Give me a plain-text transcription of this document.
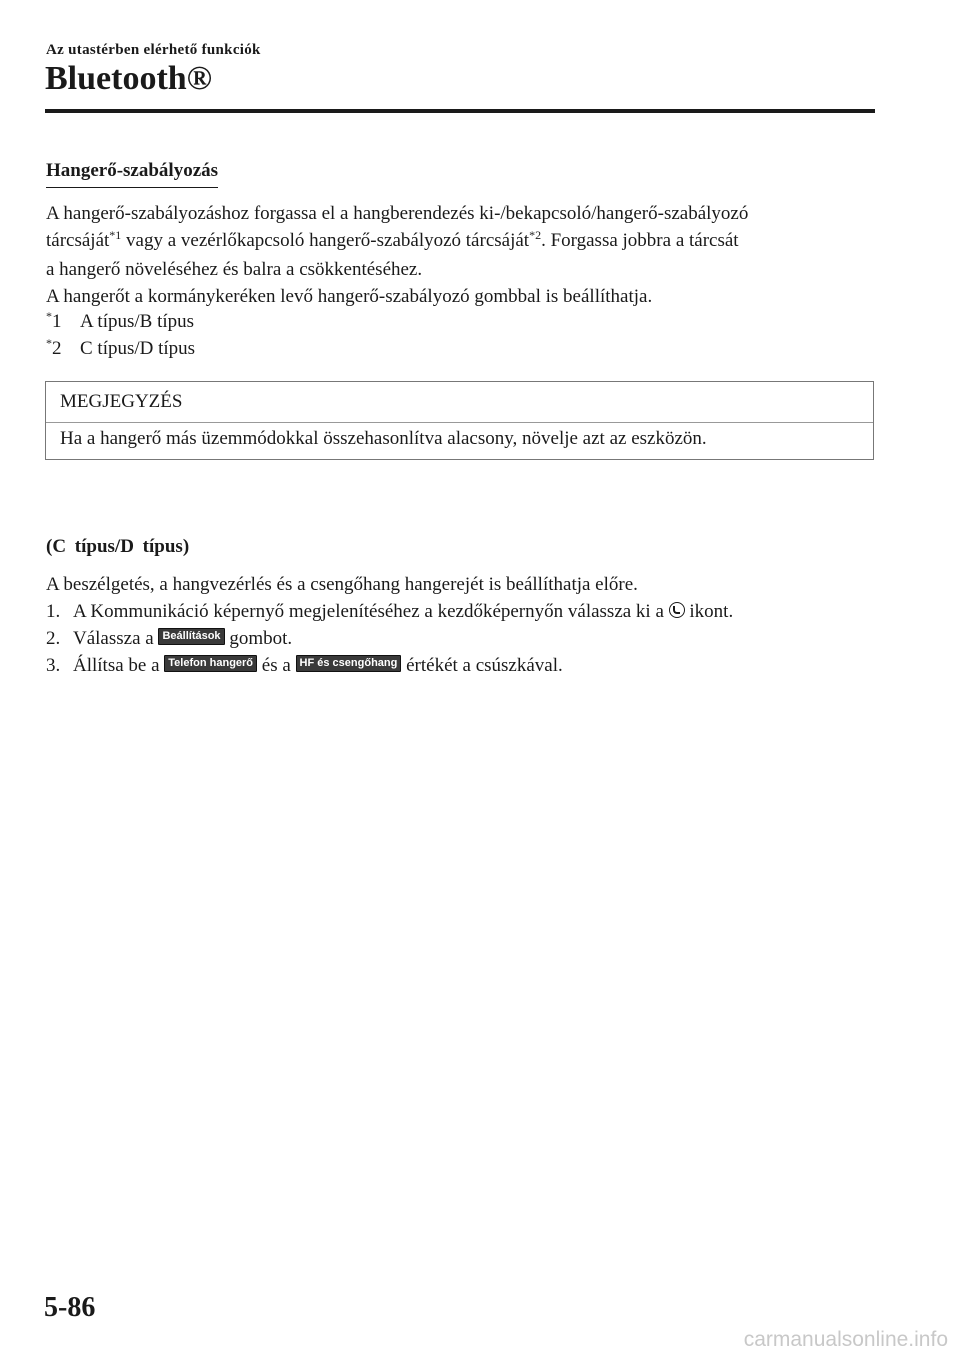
Az utastérben elérhető funkciók
Bluetooth®
Hangerő-szabályozás
A hangerő-szabályozáshoz forgassa el a hangberendezés ki-/bekapcsoló/hangerő-szabályozó
tárcsáját$^{*1}$ vagy a vezérlőkapcsoló hangerő-szabályozó tárcsáját$^{*2}$. Forgassa jobbra a tárcsát
a hangerő növeléséhez és balra a csökkentéséhez.
A hangerőt a kormánykeréken levő hangerő-szabályozó gombbal is beállíthatja.
*1 A típus/B típus
*2 C típus/D típus
MEGJEGYZÉS
Ha a hangerő más üzemmódokkal összehasonlítva alacsony, növelje azt az eszközön.
(C típus/D típus)
A beszélgetés, a hangvezérlés és a csengőhang hangerejét is beállíthatja előre.
1. A Kommunikáció képernyő megjelenítéséhez a kezdőképernyőn válassza ki a  ikont.
2. Válassza a Beállítások gombot.
3. Állítsa be a Telefon hangerő és a HF és csengőhang értékét a csúszkával.
5-86
carmanualsonline.info
